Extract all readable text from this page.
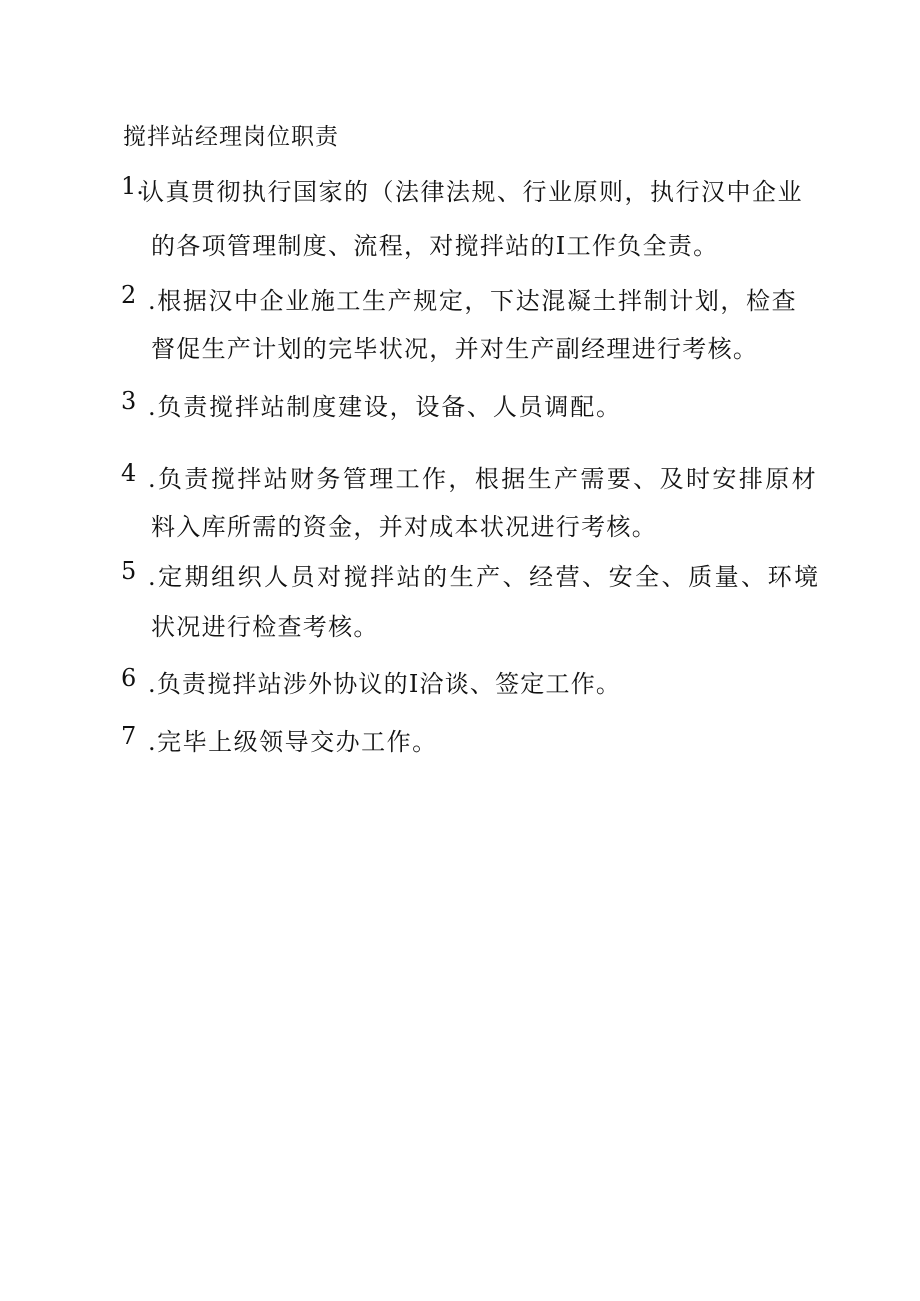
搅拌站经理岗位职责
1.
认真贯彻执行国家的（法律法规、行业原则，执行汉中企业
的各项管理制度、流程，对搅拌站的I工作负全责。
2 .根据汉中企业施工生产规定，下达混凝土拌制计划，检查
督促生产计划的完毕状况，并对生产副经理进行考核。
3 .负责搅拌站制度建设，设备、人员调配。
4 .负责搅拌站财务管理工作，根据生产需要、及时安排原材
料入库所需的资金，并对成本状况进行考核。
5 .定期组织人员对搅拌站的生产、经营、安全、质量、环境
状况进行检查考核。
6 .负责搅拌站涉外协议的I洽谈、签定工作。
7 .完毕上级领导交办工作。
